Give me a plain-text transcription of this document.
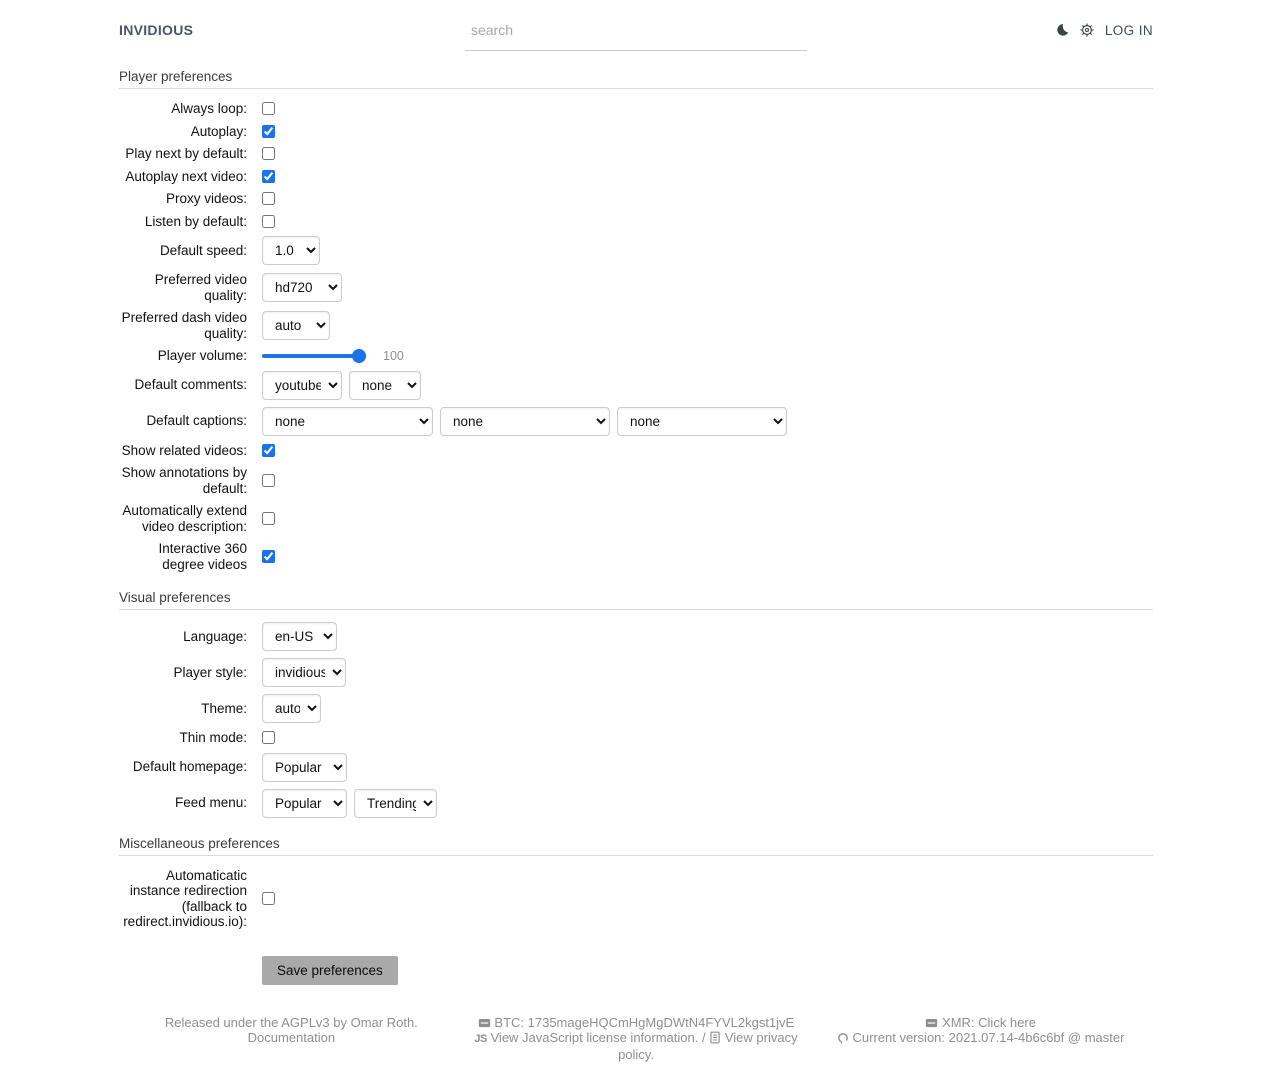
INVIDIOUS
search	LOG IN
Player preferences
Always loop:
Autoplay:
Play next by default:
Autoplay next video:
Proxy videos:
Listen by default:
Default speed:
1.0
Preferred video quality:
hd720
Preferred dash video quality:
auto
Player volume:	100
Default comments:
youtube
none
Default captions:
none
none
none
Show related videos:
Show annotations by default:
Automatically extend video description:
Interactive 360 degree videos
Visual preferences
Language:
en-US
Player style:
invidious
Theme:
auto
Thin mode:
Default homepage:
Popular
Feed menu:
Popular
Trending
Miscellaneous preferences
Automaticatic instance redirection (fallback to redirect.invidious.io):
Save preferences
Released under the AGPLv3 by Omar Roth.
Documentation
BTC: 1735mageHQCmHgMgDWtN4FYVL2kgst1jvE
JS View JavaScript license information. / View privacy policy.
XMR: Click here
Current version: 2021.07.14-4b6c6bf @ master
